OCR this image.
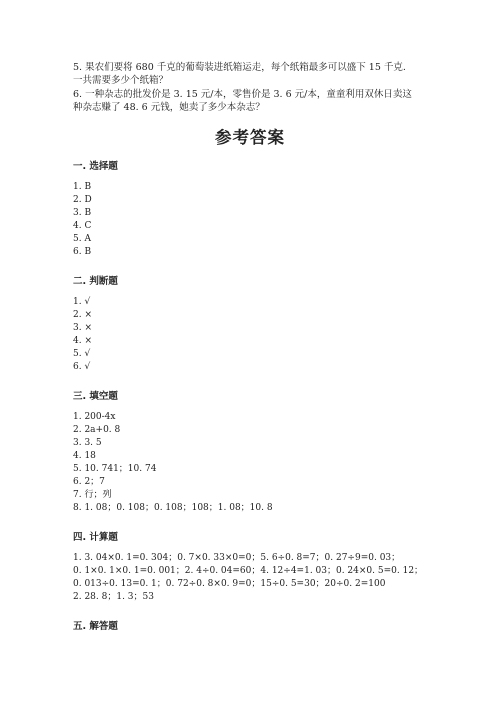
5. 果农们要将 680 千克的葡萄装进纸箱运走，每个纸箱最多可以盛下 15 千克.
一共需要多少个纸箱？
6. 一种杂志的批发价是 3. 15 元/本，零售价是 3. 6 元/本，童童利用双休日卖这
种杂志赚了 48. 6 元钱，她卖了多少本杂志？
参考答案
一. 选择题
1. B
2. D
3. B
4. C
5. A
6. B
二. 判断题
1. √
2. ×
3. ×
4. ×
5. √
6. √
三. 填空题
1. 200-4x
2. 2a+0. 8
3. 3. 5
4. 18
5. 10. 741；10. 74
6. 2；7
7. 行；列
8. 1. 08；0. 108；0. 108；108；1. 08；10. 8
四. 计算题
1. 3. 04×0. 1=0. 304；0. 7×0. 33×0=0；5. 6÷0. 8=7；0. 27÷9=0. 03；
0. 1×0. 1×0. 1=0. 001；2. 4÷0. 04=60；4. 12÷4=1. 03；0. 24×0. 5=0. 12；
0. 013÷0. 13=0. 1；0. 72÷0. 8×0. 9=0；15÷0. 5=30；20÷0. 2=100
2. 28. 8；1. 3；53
五. 解答题
